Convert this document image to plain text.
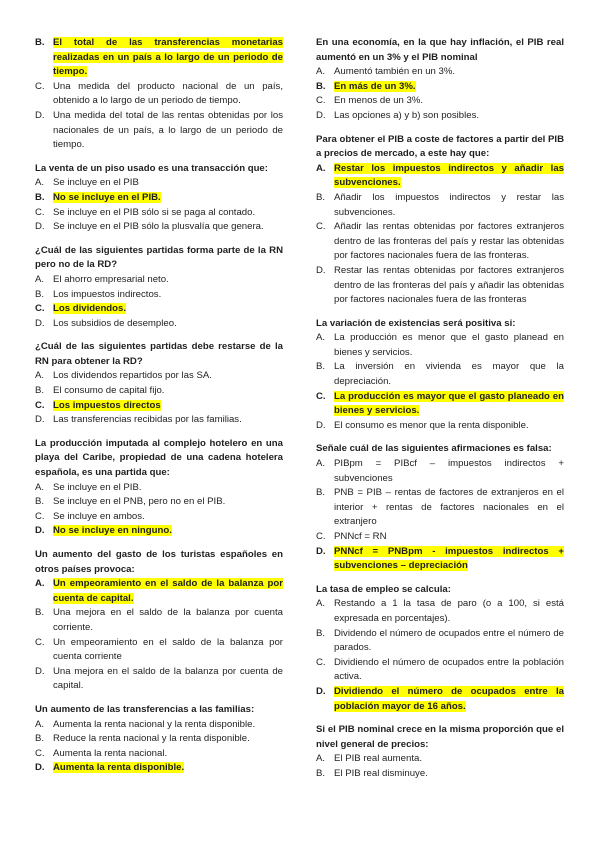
B. El total de las transferencias monetarias realizadas en un país a lo largo de un periodo de tiempo.
C. Una medida del producto nacional de un país, obtenido a lo largo de un periodo de tiempo.
D. Una medida del total de las rentas obtenidas por los nacionales de un país, a lo largo de un periodo de tiempo.
La venta de un piso usado es una transacción que:
A. Se incluye en el PIB
B. No se incluye en el PIB.
C. Se incluye en el PIB sólo si se paga al contado.
D. Se incluye en el PIB sólo la plusvalía que genera.
¿Cuál de las siguientes partidas forma parte de la RN pero no de la RD?
A. El ahorro empresarial neto.
B. Los impuestos indirectos.
C. Los dividendos.
D. Los subsidios de desempleo.
¿Cuál de las siguientes partidas debe restarse de la RN para obtener la RD?
A. Los dividendos repartidos por las SA.
B. El consumo de capital fijo.
C. Los impuestos directos
D. Las transferencias recibidas por las familias.
La producción imputada al complejo hotelero en una playa del Caribe, propiedad de una cadena hotelera española, es una partida que:
A. Se incluye en el PIB.
B. Se incluye en el PNB, pero no en el PIB.
C. Se incluye en ambos.
D. No se incluye en ninguno.
Un aumento del gasto de los turistas españoles en otros países provoca:
A. Un empeoramiento en el saldo de la balanza por cuenta de capital.
B. Una mejora en el saldo de la balanza por cuenta corriente.
C. Un empeoramiento en el saldo de la balanza por cuenta corriente
D. Una mejora en el saldo de la balanza por cuenta de capital.
Un aumento de las transferencias a las familias:
A. Aumenta la renta nacional y la renta disponible.
B. Reduce la renta nacional y la renta disponible.
C. Aumenta la renta nacional.
D. Aumenta la renta disponible.
En una economía, en la que hay inflación, el PIB real aumentó en un 3% y el PIB nominal
A. Aumentó también en un 3%.
B. En más de un 3%.
C. En menos de un 3%.
D. Las opciones a) y b) son posibles.
Para obtener el PIB a coste de factores a partir del PIB a precios de mercado, a este hay que:
A. Restar los impuestos indirectos y añadir las subvenciones.
B. Añadir los impuestos indirectos y restar las subvenciones.
C. Añadir las rentas obtenidas por factores extranjeros dentro de las fronteras del país y restar las obtenidas por factores nacionales fuera de las fronteras.
D. Restar las rentas obtenidas por factores extranjeros dentro de las fronteras del país y añadir las obtenidas por factores nacionales fuera de las fronteras
La variación de existencias será positiva si:
A. La producción es menor que el gasto planead en bienes y servicios.
B. La inversión en vivienda es mayor que la depreciación.
C. La producción es mayor que el gasto planeado en bienes y servicios.
D. El consumo es menor que la renta disponible.
Señale cuál de las siguientes afirmaciones es falsa:
A. PIBpm = PIBcf – impuestos indirectos + subvenciones
B. PNB = PIB – rentas de factores de extranjeros en el interior + rentas de factores nacionales en el extranjero
C. PNNcf = RN
D. PNNcf = PNBpm - impuestos indirectos + subvenciones – depreciación
La tasa de empleo se calcula:
A. Restando a 1 la tasa de paro (o a 100, si está expresada en porcentajes).
B. Dividendo el número de ocupados entre el número de parados.
C. Dividiendo el número de ocupados entre la población activa.
D. Dividiendo el número de ocupados entre la población mayor de 16 años.
Si el PIB nominal crece en la misma proporción que el nivel general de precios:
A. El PIB real aumenta.
B. El PIB real disminuye.
